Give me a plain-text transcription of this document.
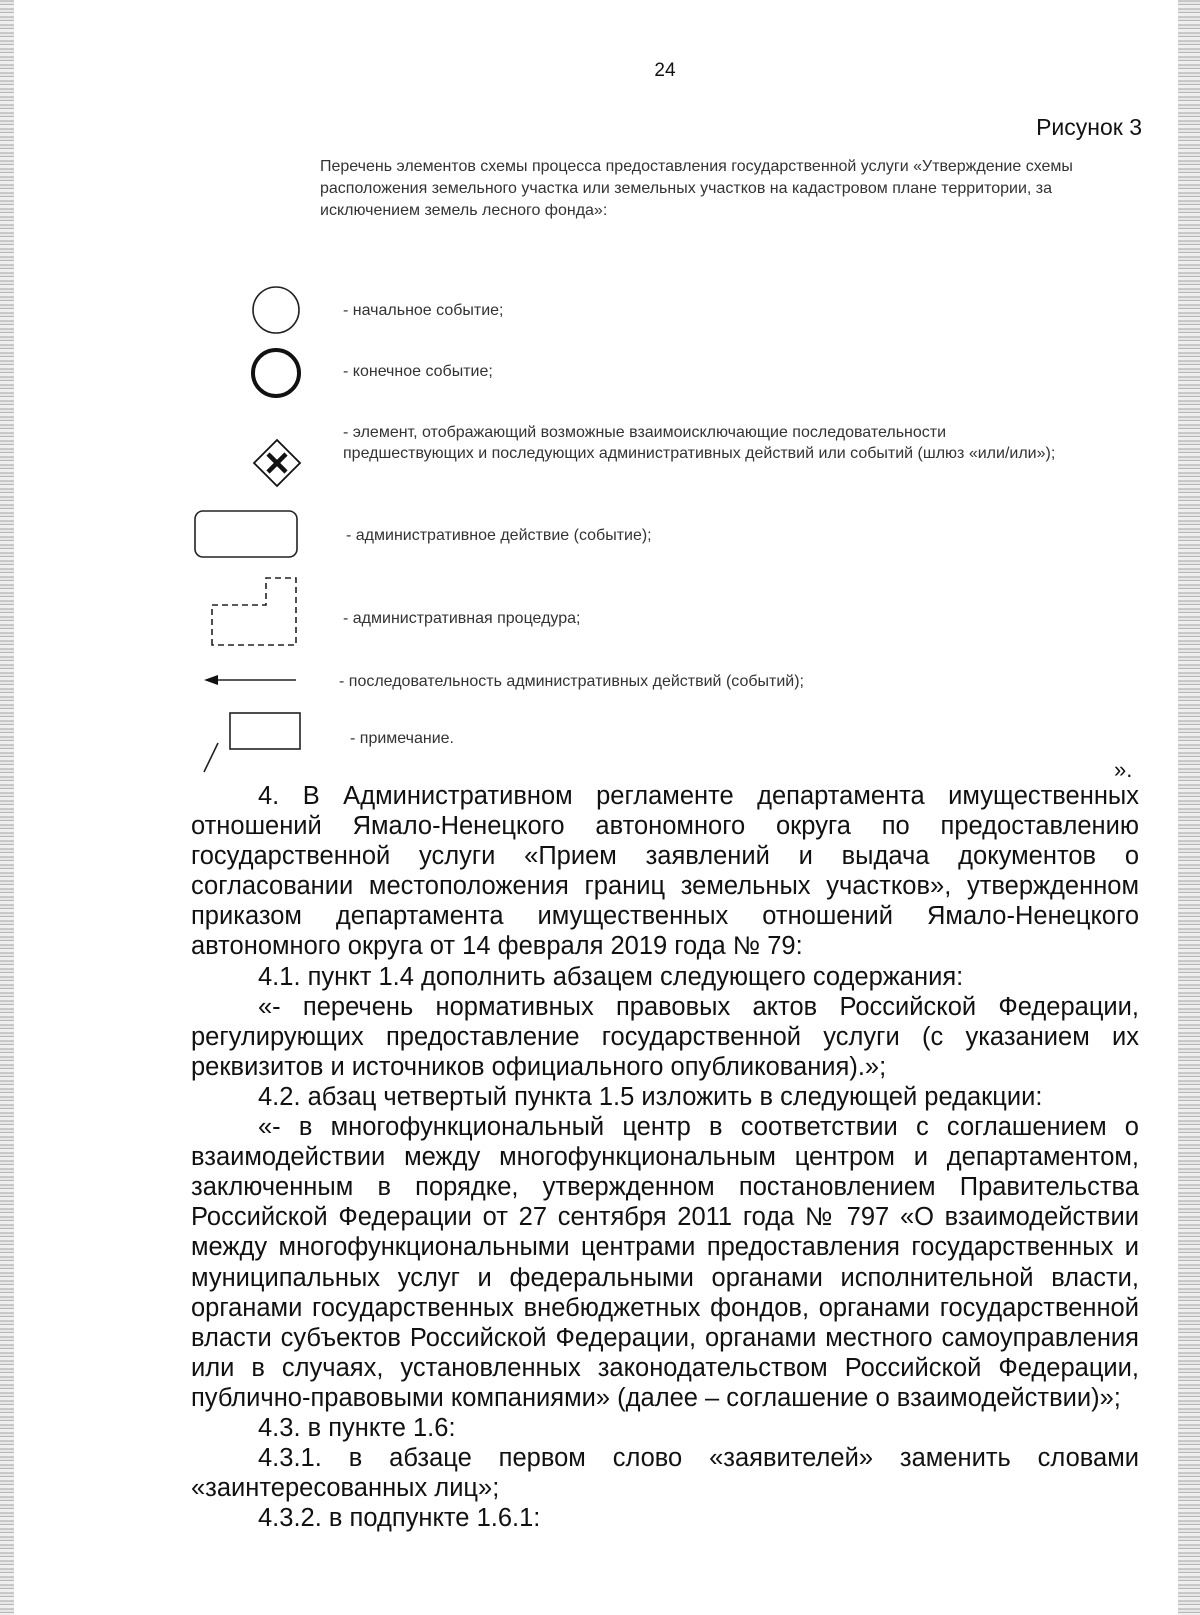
24
Рисунок 3
Перечень элементов схемы процесса предоставления государственной услуги «Утверждение схемы расположения земельного участка или земельных участков на кадастровом плане территории, за исключением земель лесного фонда»:
- начальное событие;
- конечное событие;
- элемент, отображающий возможные взаимоисключающие последовательности предшествующих и последующих административных действий или событий (шлюз «или/или»);
- административное действие (событие);
- административная процедура;
- последовательность административных действий (событий);
- примечание.
».

4. В Административном регламенте департамента имущественных отношений Ямало-Ненецкого автономного округа по предоставлению государственной услуги «Прием заявлений и выдача документов о согласовании местоположения границ земельных участков», утвержденном приказом департамента имущественных отношений Ямало-Ненецкого автономного округа от 14 февраля 2019 года № 79:

4.1. пункт 1.4 дополнить абзацем следующего содержания:

«- перечень нормативных правовых актов Российской Федерации, регулирующих предоставление государственной услуги (с указанием их реквизитов и источников официального опубликования).»;

4.2. абзац четвертый пункта 1.5 изложить в следующей редакции:

«- в многофункциональный центр в соответствии с соглашением о взаимодействии между многофункциональным центром и департаментом, заключенным в порядке, утвержденном постановлением Правительства Российской Федерации от 27 сентября 2011 года № 797 «О взаимодействии между многофункциональными центрами предоставления государственных и муниципальных услуг и федеральными органами исполнительной власти, органами государственных внебюджетных фондов, органами государственной власти субъектов Российской Федерации, органами местного самоуправления или в случаях, установленных законодательством Российской Федерации, публично-правовыми компаниями» (далее – соглашение о взаимодействии)»;

4.3. в пункте 1.6:

4.3.1. в абзаце первом слово «заявителей» заменить словами «заинтересованных лиц»;

4.3.2. в подпункте 1.6.1:
